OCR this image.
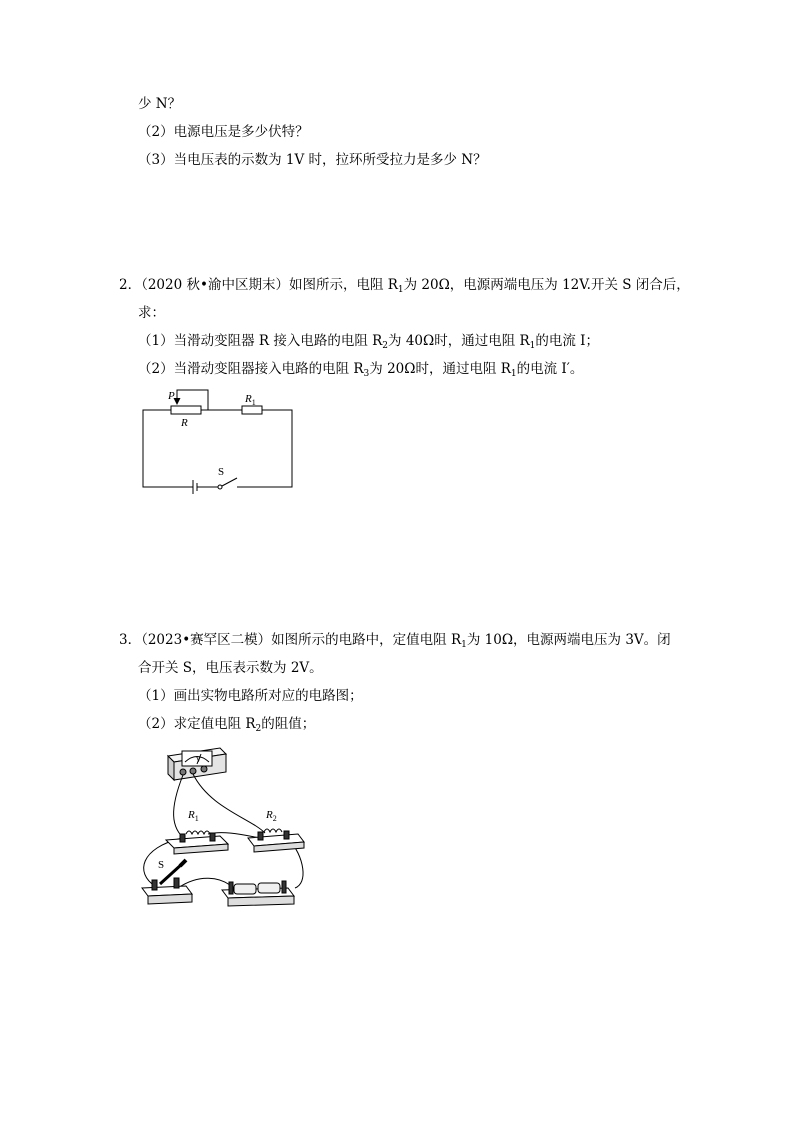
少 N？
（2）电源电压是多少伏特？
（3）当电压表的示数为 1V 时，拉环所受拉力是多少 N？
2．（2020 秋•渝中区期末）如图所示，电阻 $R_1$为 20Ω，电源两端电压为 12V.开关 S 闭合后，
求：
（1）当滑动变阻器 R 接入电路的电阻 $R_2$为 40Ω时，通过电阻 $R_1$的电流 I；
（2）当滑动变阻器接入电路的电阻 $R_3$为 20Ω时，通过电阻 $R_1$的电流 I′。
P
R
$R_1$
S
3．（2023•赛罕区二模）如图所示的电路中，定值电阻 $R_1$为 10Ω，电源两端电压为 3V。闭
合开关 S，电压表示数为 2V。
（1）画出实物电路所对应的电路图；
（2）求定值电阻 $R_2$的阻值；
V
$R_1$	$R_2$
S
